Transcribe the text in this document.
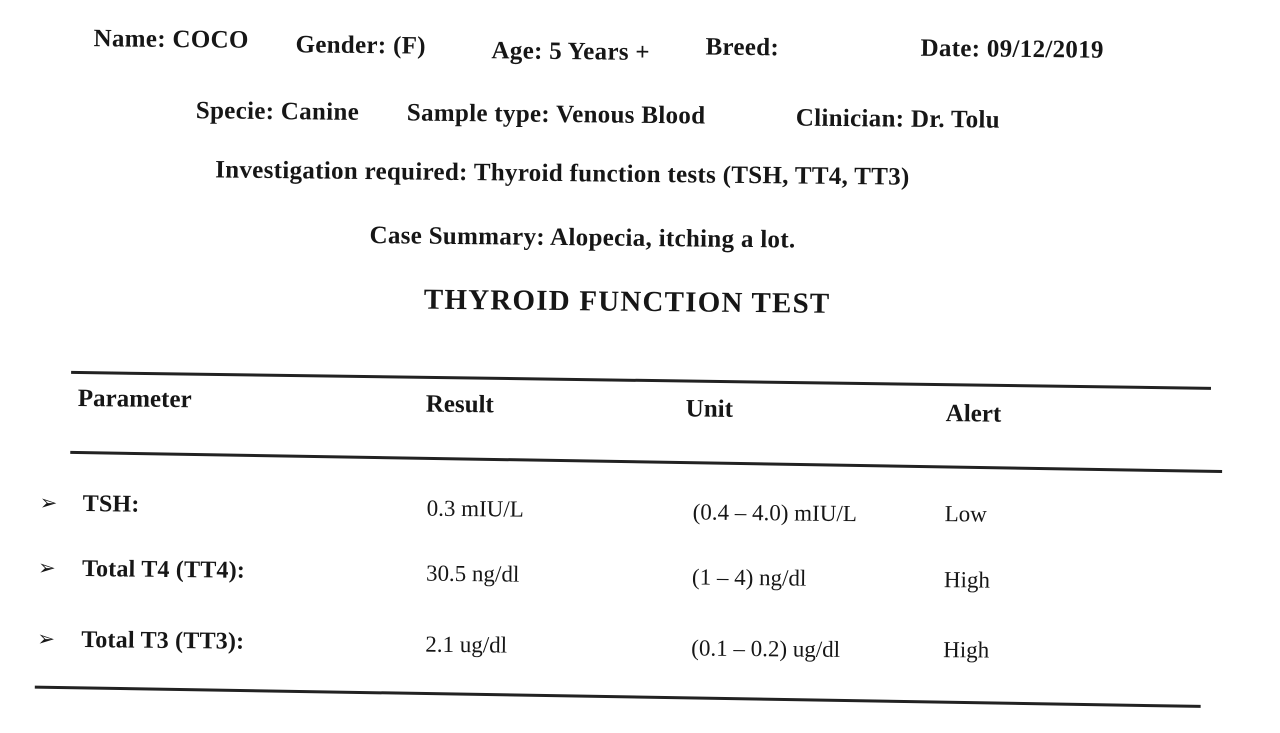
Name: COCO Gender: (F)	Age: 5 Years + Breed:	Date: 09/12/2019
Specie: Canine Sample type: Venous Blood	Clinician: Dr. Tolu
Investigation required: Thyroid function tests (TSH, TT4, TT3)
Case Summary: Alopecia, itching a lot.
THYROID FUNCTION TEST
Parameter	Result	Unit	Alert
➢ TSH:	0.3 mIU/L	(0.4 – 4.0) mIU/L	Low
➢ Total T4 (TT4):	30.5 ng/dl	(1 – 4) ng/dl	High
➢ Total T3 (TT3):	2.1 ug/dl	(0.1 – 0.2) ug/dl	High
